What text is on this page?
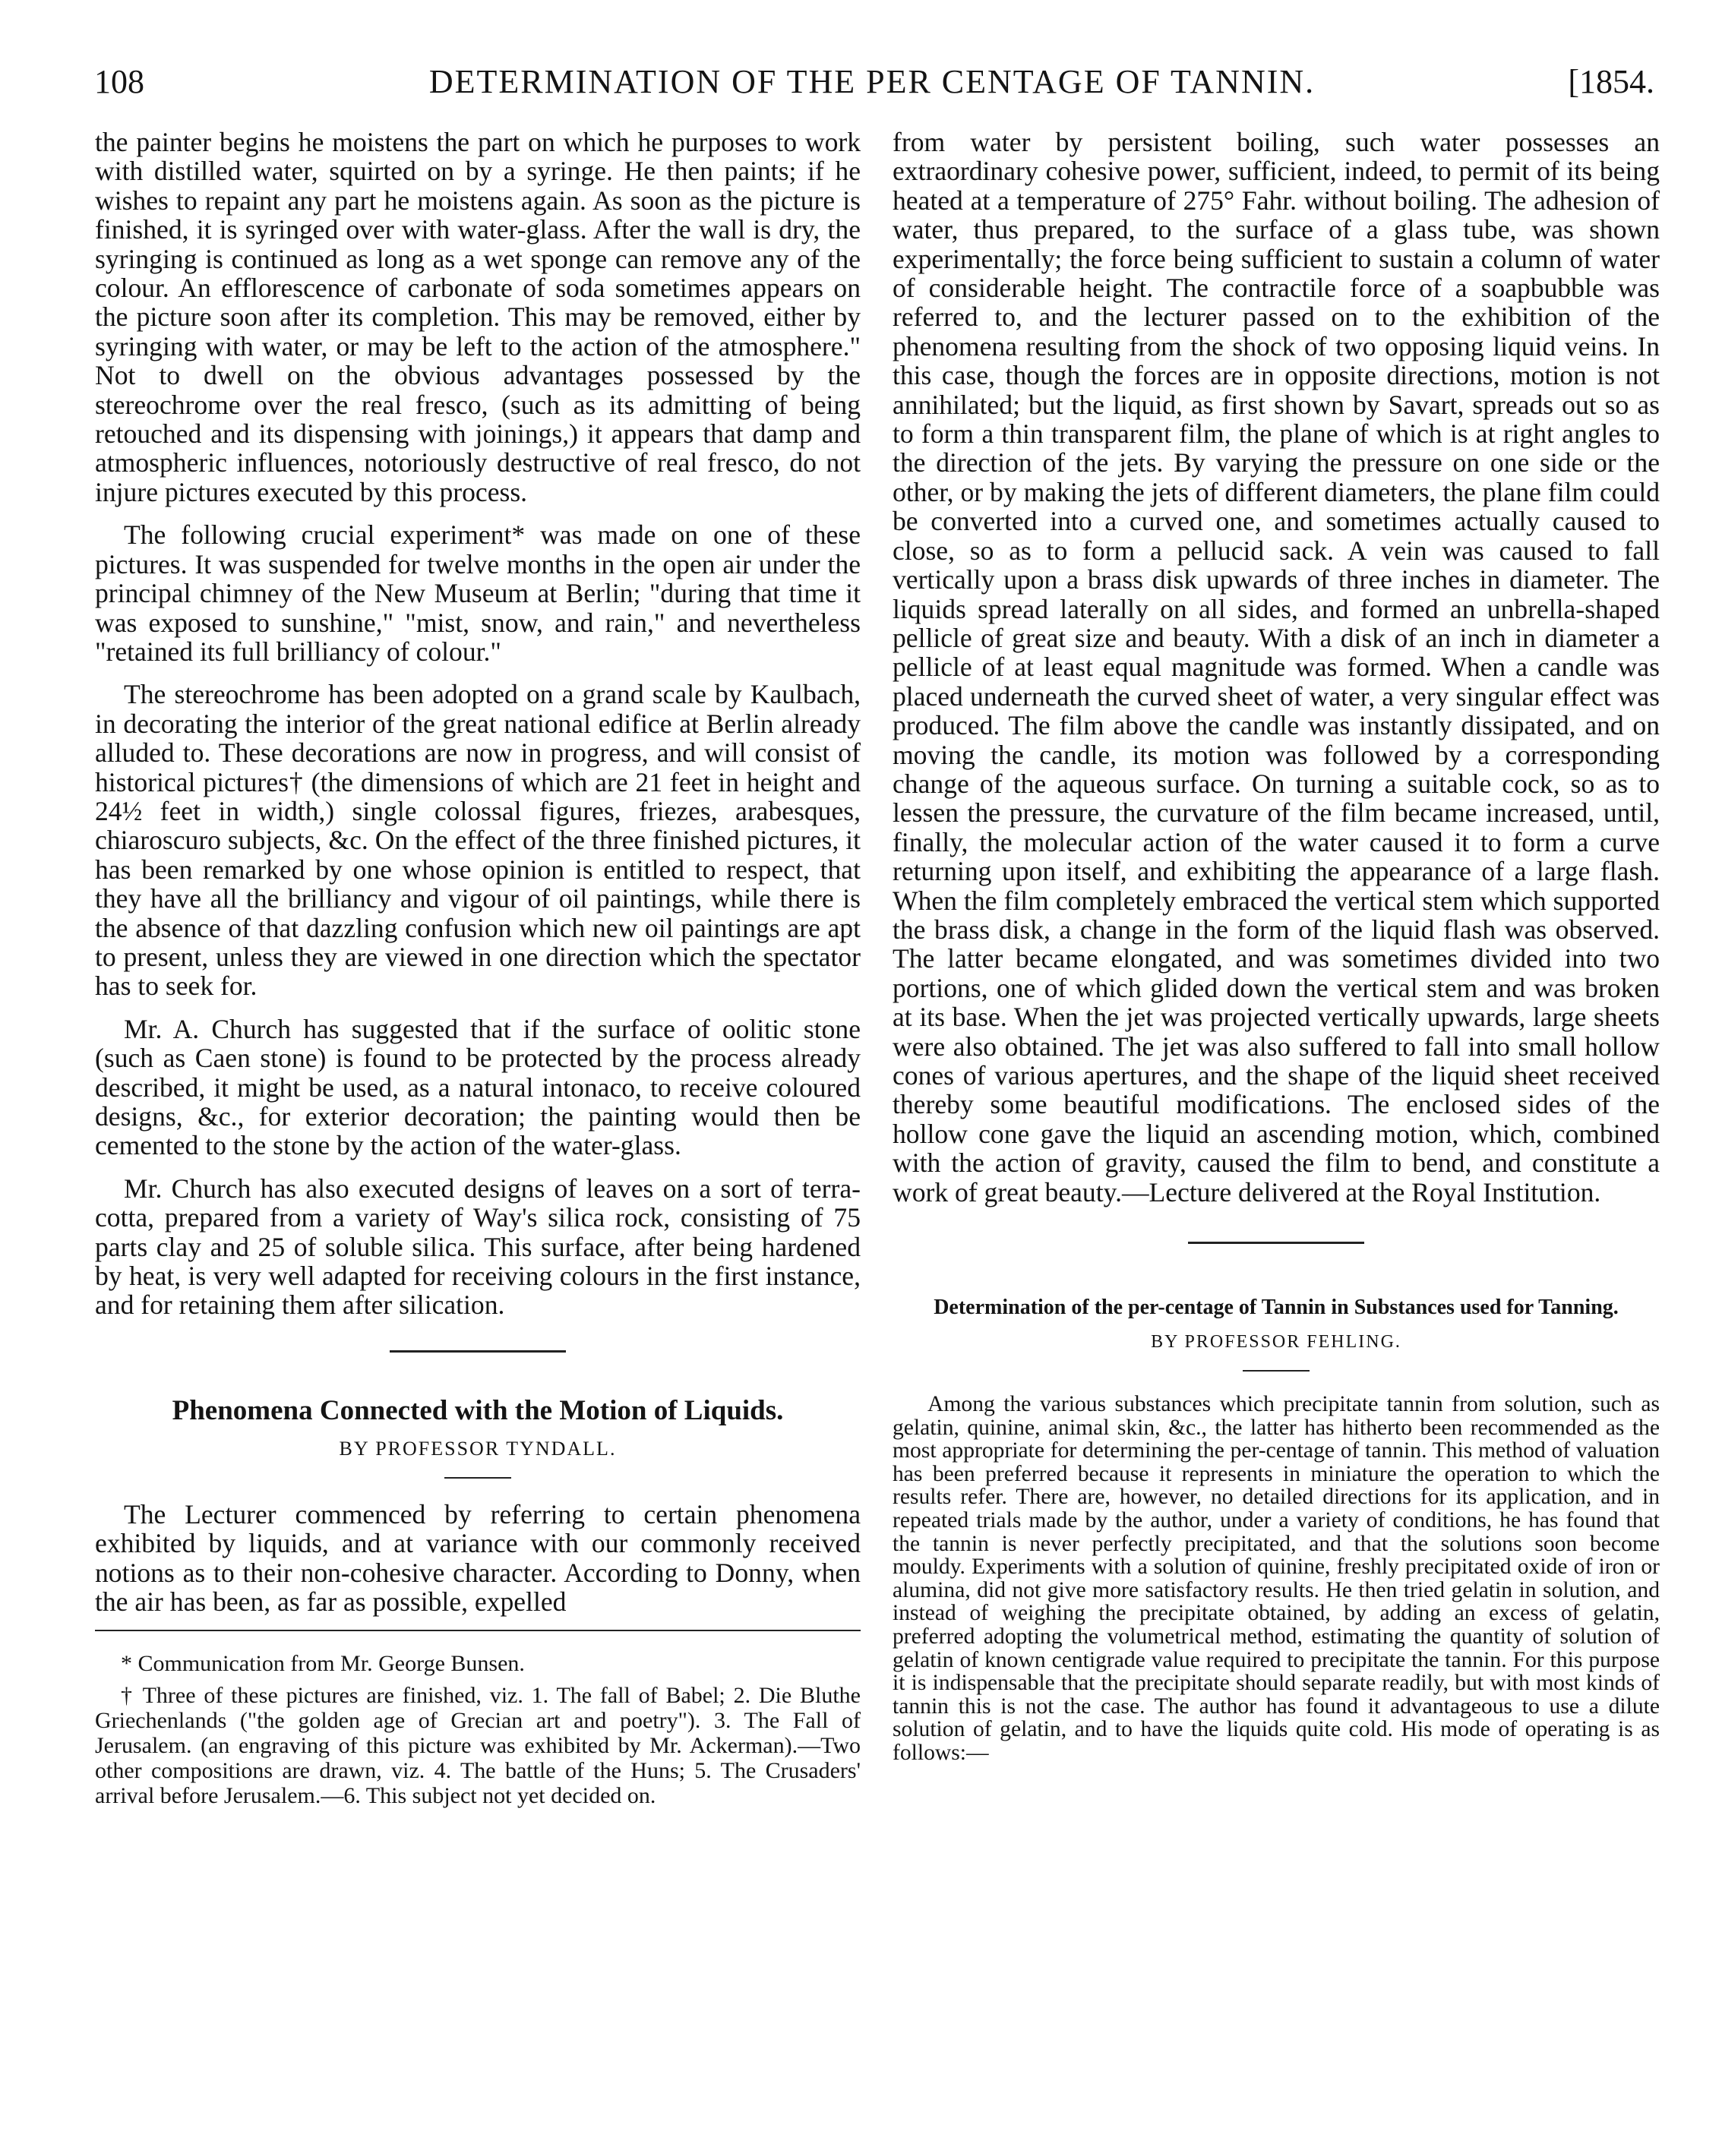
108	DETERMINATION OF THE PER CENTAGE OF TANNIN.	[1854.

the painter begins he moistens the part on which he purposes to work with distilled water, squirted on by a syringe. He then paints; if he wishes to repaint any part he moistens again. As soon as the picture is finished, it is syringed over with water-glass. After the wall is dry, the syringing is continued as long as a wet sponge can remove any of the colour. An efflorescence of carbonate of soda sometimes appears on the picture soon after its completion. This may be removed, either by syringing with water, or may be left to the action of the atmosphere." Not to dwell on the obvious advantages possessed by the stereochrome over the real fresco, (such as its admitting of being retouched and its dispensing with joinings,) it appears that damp and atmospheric influences, notoriously destructive of real fresco, do not injure pictures executed by this process.

The following crucial experiment* was made on one of these pictures. It was suspended for twelve months in the open air under the principal chimney of the New Museum at Berlin; "during that time it was exposed to sunshine," "mist, snow, and rain," and nevertheless "retained its full brilliancy of colour."

The stereochrome has been adopted on a grand scale by Kaulbach, in decorating the interior of the great national edifice at Berlin already alluded to. These decorations are now in progress, and will consist of historical pictures† (the dimensions of which are 21 feet in height and 24½ feet in width,) single colossal figures, friezes, arabesques, chiaroscuro subjects, &c. On the effect of the three finished pictures, it has been remarked by one whose opinion is entitled to respect, that they have all the brilliancy and vigour of oil paintings, while there is the absence of that dazzling confusion which new oil paintings are apt to present, unless they are viewed in one direction which the spectator has to seek for.

Mr. A. Church has suggested that if the surface of oolitic stone (such as Caen stone) is found to be protected by the process already described, it might be used, as a natural intonaco, to receive coloured designs, &c., for exterior decoration; the painting would then be cemented to the stone by the action of the water-glass.

Mr. Church has also executed designs of leaves on a sort of terra-cotta, prepared from a variety of Way's silica rock, consisting of 75 parts clay and 25 of soluble silica. This surface, after being hardened by heat, is very well adapted for receiving colours in the first instance, and for retaining them after silication.

Phenomena Connected with the Motion of Liquids.
BY PROFESSOR TYNDALL.

The Lecturer commenced by referring to certain phenomena exhibited by liquids, and at variance with our commonly received notions as to their non-cohesive character. According to Donny, when the air has been, as far as possible, expelled

* Communication from Mr. George Bunsen.

† Three of these pictures are finished, viz. 1. The fall of Babel; 2. Die Bluthe Griechenlands ("the golden age of Grecian art and poetry"). 3. The Fall of Jerusalem. (an engraving of this picture was exhibited by Mr. Ackerman).—Two other compositions are drawn, viz. 4. The battle of the Huns; 5. The Crusaders' arrival before Jerusalem.—6. This subject not yet decided on.

from water by persistent boiling, such water possesses an extraordinary cohesive power, sufficient, indeed, to permit of its being heated at a temperature of 275° Fahr. without boiling. The adhesion of water, thus prepared, to the surface of a glass tube, was shown experimentally; the force being sufficient to sustain a column of water of considerable height. The contractile force of a soapbubble was referred to, and the lecturer passed on to the exhibition of the phenomena resulting from the shock of two opposing liquid veins. In this case, though the forces are in opposite directions, motion is not annihilated; but the liquid, as first shown by Savart, spreads out so as to form a thin transparent film, the plane of which is at right angles to the direction of the jets. By varying the pressure on one side or the other, or by making the jets of different diameters, the plane film could be converted into a curved one, and sometimes actually caused to close, so as to form a pellucid sack. A vein was caused to fall vertically upon a brass disk upwards of three inches in diameter. The liquids spread laterally on all sides, and formed an unbrella-shaped pellicle of great size and beauty. With a disk of an inch in diameter a pellicle of at least equal magnitude was formed. When a candle was placed underneath the curved sheet of water, a very singular effect was produced. The film above the candle was instantly dissipated, and on moving the candle, its motion was followed by a corresponding change of the aqueous surface. On turning a suitable cock, so as to lessen the pressure, the curvature of the film became increased, until, finally, the molecular action of the water caused it to form a curve returning upon itself, and exhibiting the appearance of a large flash. When the film completely embraced the vertical stem which supported the brass disk, a change in the form of the liquid flash was observed. The latter became elongated, and was sometimes divided into two portions, one of which glided down the vertical stem and was broken at its base. When the jet was projected vertically upwards, large sheets were also obtained. The jet was also suffered to fall into small hollow cones of various apertures, and the shape of the liquid sheet received thereby some beautiful modifications. The enclosed sides of the hollow cone gave the liquid an ascending motion, which, combined with the action of gravity, caused the film to bend, and constitute a work of great beauty.—Lecture delivered at the Royal Institution.

Determination of the per-centage of Tannin in Substances used for Tanning.
BY PROFESSOR FEHLING.

Among the various substances which precipitate tannin from solution, such as gelatin, quinine, animal skin, &c., the latter has hitherto been recommended as the most appropriate for determining the per-centage of tannin. This method of valuation has been preferred because it represents in miniature the operation to which the results refer. There are, however, no detailed directions for its application, and in repeated trials made by the author, under a variety of conditions, he has found that the tannin is never perfectly precipitated, and that the solutions soon become mouldy. Experiments with a solution of quinine, freshly precipitated oxide of iron or alumina, did not give more satisfactory results. He then tried gelatin in solution, and instead of weighing the precipitate obtained, by adding an excess of gelatin, preferred adopting the volumetrical method, estimating the quantity of solution of gelatin of known centigrade value required to precipitate the tannin. For this purpose it is indispensable that the precipitate should separate readily, but with most kinds of tannin this is not the case. The author has found it advantageous to use a dilute solution of gelatin, and to have the liquids quite cold. His mode of operating is as follows:—
